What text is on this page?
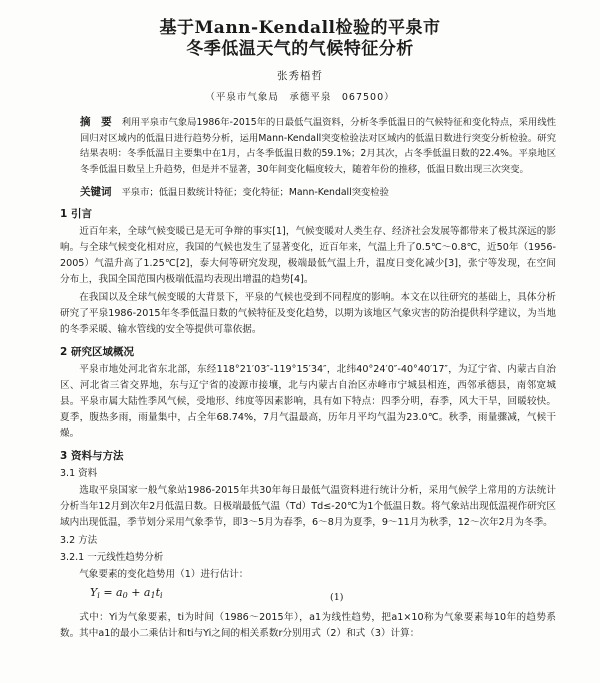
基于Mann-Kendall检验的平泉市
冬季低温天气的气候特征分析
张秀梧哲
（平泉市气象局　承德平泉　067500）
摘　要 利用平泉市气象局1986年-2015年的日最低气温资料，分析冬季低温日的气候特征和变化特点，采用线性回归对区域内的低温日进行趋势分析，运用Mann-Kendall突变检验法对区域内的低温日数进行突变分析检验。研究结果表明：冬季低温日主要集中在1月，占冬季低温日数的59.1%；2月其次，占冬季低温日数的22.4%。平泉地区冬季低温日数呈上升趋势，但是并不显著，30年间变化幅度较大，随着年份的推移，低温日数出现三次突变。
关键词 平泉市；低温日数统计特征；变化特征；Mann-Kendall突变检验
1 引言
近百年来，全球气候变暖已是无可争辩的事实[1]，气候变暖对人类生存、经济社会发展等都带来了极其深远的影响。与全球气候变化相对应，我国的气候也发生了显著变化，近百年来，气温上升了0.5℃～0.8℃，近50年（1956-2005）气温升高了1.25℃[2]，泰大何等研究发现，极端最低气温上升，温度日变化减少[3]，张宁等发现，在空间分布上，我国全国范围内极端低温均表现出增温的趋势[4]。
在我国以及全球气候变暖的大背景下，平泉的气候也受到不同程度的影响。本文在以往研究的基础上，具体分析研究了平泉1986-2015年冬季低温日数的气候特征及变化趋势，以期为该地区气象灾害的防治提供科学建议，为当地的冬季采暖、输水管线的安全等提供可靠依据。
2 研究区域概况
平泉市地处河北省东北部，东经118°21′03″-119°15′34″，北纬40°24′0″-40°40′17″，为辽宁省、内蒙古自治区、河北省三省交界地，东与辽宁省的凌源市接壤，北与内蒙古自治区赤峰市宁城县相连，西邻承德县，南邻宽城县。平泉市属大陆性季风气候，受地形、纬度等因素影响，具有如下特点：四季分明，春季，风大干旱，回暖较快。夏季，腹热多雨，雨量集中，占全年68.74%，7月气温最高，历年月平均气温为23.0℃。秋季，雨量骤减，气候干燥。
3 资料与方法
3.1 资料
选取平泉国家一般气象站1986-2015年共30年每日最低气温资料进行统计分析，采用气候学上常用的方法统计分析当年12月到次年2月低温日数。日极端最低气温（Td）Td≤-20℃为1个低温日数。将气象站出现低温视作研究区域内出现低温，季节划分采用气象季节，即3～5月为春季，6～8月为夏季，9～11月为秋季，12～次年2月为冬季。
3.2 方法
3.2.1 一元线性趋势分析
气象要素的变化趋势用（1）进行估计：
$Y_i = a_0 + a_1t_i$	(1)
式中：Yi为气象要素，ti为时间（1986～2015年），a1为线性趋势，把a1×10称为气象要素每10年的趋势系数。其中a1的最小二乘估计和ti与Yi之间的相关系数r分别用式（2）和式（3）计算：
